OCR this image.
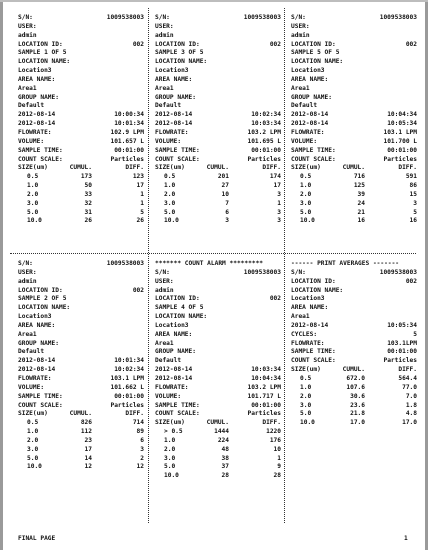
S/N:	1009538003
USER:
admin
LOCATION ID:	002
SAMPLE 1 OF 5
LOCATION NAME:
Location3
AREA NAME:
Area1
GROUP NAME:
Default
2012-08-14	10:00:34
2012-08-14	10:01:34
FLOWRATE:	102.9 LPM
VOLUME:	101.657 L
SAMPLE TIME:	00:01:00
COUNT SCALE:	Particles
SIZE(um)	CUMUL.	DIFF.
0.5	173	123
1.0	50	17
2.0	33	1
3.0	32	1
5.0	31	5
10.0	26	26
S/N:	1009538003
USER:
admin
LOCATION ID:	002
SAMPLE 3 OF 5
LOCATION NAME:
Location3
AREA NAME:
Area1
GROUP NAME:
Default
2012-08-14	10:02:34
2012-08-14	10:03:34
FLOWRATE:	103.2 LPM
VOLUME:	101.695 L
SAMPLE TIME:	00:01:00
COUNT SCALE:	Particles
SIZE(um)	CUMUL.	DIFF.
0.5	201	174
1.0	27	17
2.0	10	3
3.0	7	1
5.0	6	3
10.0	3	3
S/N:	1009538003
USER:
admin
LOCATION ID:	002
SAMPLE 5 OF 5
LOCATION NAME:
Location3
AREA NAME:
Area1
GROUP NAME:
Default
2012-08-14	10:04:34
2012-08-14	10:05:34
FLOWRATE:	103.1 LPM
VOLUME:	101.700 L
SAMPLE TIME:	00:01:00
COUNT SCALE:	Particles
SIZE(um)	CUMUL.	DIFF.
0.5	716	591
1.0	125	86
2.0	39	15
3.0	24	3
5.0	21	5
10.0	16	16
S/N:	1009538003
USER:
admin
LOCATION ID:	002
SAMPLE 2 OF 5
LOCATION NAME:
Location3
AREA NAME:
Area1
GROUP NAME:
Default
2012-08-14	10:01:34
2012-08-14	10:02:34
FLOWRATE:	103.1 LPM
VOLUME:	101.662 L
SAMPLE TIME:	00:01:00
COUNT SCALE:	Particles
SIZE(um)	CUMUL.	DIFF.
0.5	826	714
1.0	112	89
2.0	23	6
3.0	17	3
5.0	14	2
10.0	12	12
******* COUNT ALARM *********
S/N:	1009538003
USER:
admin
LOCATION ID:	002
SAMPLE 4 OF 5
LOCATION NAME:
Location3
AREA NAME:
Area1
GROUP NAME:
Default
2012-08-14	10:03:34
2012-08-14	10:04:34
FLOWRATE:	103.2 LPM
VOLUME:	101.717 L
SAMPLE TIME:	00:01:00
COUNT SCALE:	Particles
SIZE(um)	CUMUL.	DIFF.
> 0.5	1444	1220
1.0	224	176
2.0	48	10
3.0	38	1
5.0	37	9
10.0	28	28
------ PRINT AVERAGES -------
S/N:	1009538003
LOCATION ID:	002
LOCATION NAME:
Location3
AREA NAME:
Area1
2012-08-14	10:05:34
CYCLES:	5
FLOWRATE:	103.1LPM
SAMPLE TIME:	00:01:00
COUNT SCALE:	Particles
SIZE(um)	CUMUL.	DIFF.
0.5	672.0	564.4
1.0	107.6	77.0
2.0	30.6	7.0
3.0	23.6	1.8
5.0	21.8	4.8
10.0	17.0	17.0
FINAL PAGE	1
